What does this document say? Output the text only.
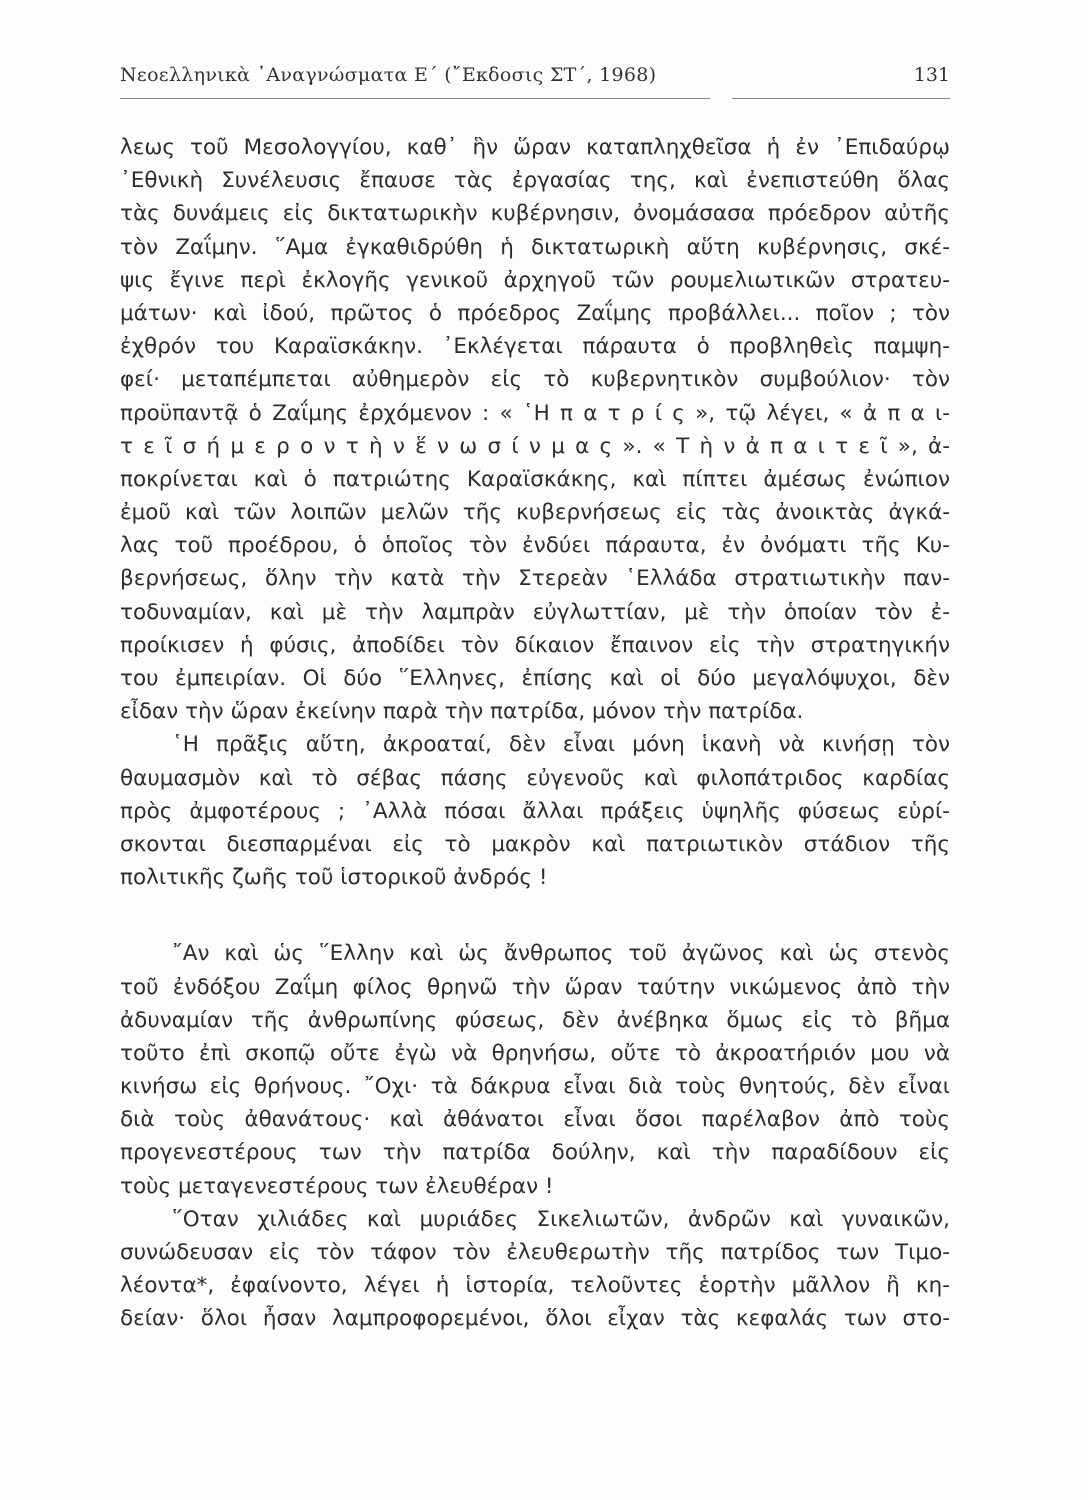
Νεοελληνικὰ ᾿Αναγνώσματα Ε΄ (῎Εκδοσις ΣΤ΄, 1968)	131
λεως τοῦ Μεσολογγίου, καθ᾿ ἣν ὥραν καταπληχθεῖσα ἡ ἐν ᾿Επιδαύρῳ
᾿Εθνικὴ Συνέλευσις ἔπαυσε τὰς ἐργασίας της, καὶ ἐνεπιστεύθη ὅλας
τὰς δυνάμεις εἰς δικτατωρικὴν κυβέρνησιν, ὀνομάσασα πρόεδρον αὐτῆς
τὸν Ζαΐμην. ῞Αμα ἐγκαθιδρύθη ἡ δικτατωρικὴ αὕτη κυβέρνησις, σκέ-
ψις ἔγινε περὶ ἐκλογῆς γενικοῦ ἀρχηγοῦ τῶν ρουμελιωτικῶν στρατευ-
μάτων· καὶ ἰδού, πρῶτος ὁ πρόεδρος Ζαΐμης προβάλλει... ποῖον ; τὸν
ἐχθρόν του Καραϊσκάκην. ᾿Εκλέγεται πάραυτα ὁ προβληθεὶς παμψη-
φεί· μεταπέμπεται αὐθημερὸν εἰς τὸ κυβερνητικὸν συμβούλιον· τὸν
προϋπαντᾷ ὁ Ζαΐμης ἐρχόμενον : « ῾Η π α τ ρ ί ς », τῷ λέγει, « ἀ π α ι-
τ ε ῖ σ ή μ ε ρ ο ν τ ὴ ν ἕ ν ω σ ί ν μ α ς ». « Τ ὴ ν ἀ π α ι τ ε ῖ », ἀ-
ποκρίνεται καὶ ὁ πατριώτης Καραϊσκάκης, καὶ πίπτει ἀμέσως ἐνώπιον
ἐμοῦ καὶ τῶν λοιπῶν μελῶν τῆς κυβερνήσεως εἰς τὰς ἀνοικτὰς ἀγκά-
λας τοῦ προέδρου, ὁ ὁποῖος τὸν ἐνδύει πάραυτα, ἐν ὀνόματι τῆς Κυ-
βερνήσεως, ὅλην τὴν κατὰ τὴν Στερεὰν ῾Ελλάδα στρατιωτικὴν παν-
τοδυναμίαν, καὶ μὲ τὴν λαμπρὰν εὐγλωττίαν, μὲ τὴν ὁποίαν τὸν ἐ-
προίκισεν ἡ φύσις, ἀποδίδει τὸν δίκαιον ἔπαινον εἰς τὴν στρατηγικήν
του ἐμπειρίαν. Οἱ δύο ῞Ελληνες, ἐπίσης καὶ οἱ δύο μεγαλόψυχοι, δὲν
εἶδαν τὴν ὥραν ἐκείνην παρὰ τὴν πατρίδα, μόνον τὴν πατρίδα.
῾Η πρᾶξις αὕτη, ἀκροαταί, δὲν εἶναι μόνη ἱκανὴ νὰ κινήσῃ τὸν
θαυμασμὸν καὶ τὸ σέβας πάσης εὐγενοῦς καὶ φιλοπάτριδος καρδίας
πρὸς ἀμφοτέρους ; ᾿Αλλὰ πόσαι ἄλλαι πράξεις ὑψηλῆς φύσεως εὑρί-
σκονται διεσπαρμέναι εἰς τὸ μακρὸν καὶ πατριωτικὸν στάδιον τῆς
πολιτικῆς ζωῆς τοῦ ἱστορικοῦ ἀνδρός !
῎Αν καὶ ὡς ῞Ελλην καὶ ὡς ἄνθρωπος τοῦ ἀγῶνος καὶ ὡς στενὸς
τοῦ ἐνδόξου Ζαΐμη φίλος θρηνῶ τὴν ὥραν ταύτην νικώμενος ἀπὸ τὴν
ἀδυναμίαν τῆς ἀνθρωπίνης φύσεως, δὲν ἀνέβηκα ὅμως εἰς τὸ βῆμα
τοῦτο ἐπὶ σκοπῷ οὔτε ἐγὼ νὰ θρηνήσω, οὔτε τὸ ἀκροατήριόν μου νὰ
κινήσω εἰς θρήνους. ῎Οχι· τὰ δάκρυα εἶναι διὰ τοὺς θνητούς, δὲν εἶναι
διὰ τοὺς ἀθανάτους· καὶ ἀθάνατοι εἶναι ὅσοι παρέλαβον ἀπὸ τοὺς
προγενεστέρους των τὴν πατρίδα δούλην, καὶ τὴν παραδίδουν εἰς
τοὺς μεταγενεστέρους των ἐλευθέραν !
῞Οταν χιλιάδες καὶ μυριάδες Σικελιωτῶν, ἀνδρῶν καὶ γυναικῶν,
συνώδευσαν εἰς τὸν τάφον τὸν ἐλευθερωτὴν τῆς πατρίδος των Τιμο-
λέοντα*, ἐφαίνοντο, λέγει ἡ ἱστορία, τελοῦντες ἑορτὴν μᾶλλον ἢ κη-
δείαν· ὅλοι ἦσαν λαμπροφορεμένοι, ὅλοι εἶχαν τὰς κεφαλάς των στο-
